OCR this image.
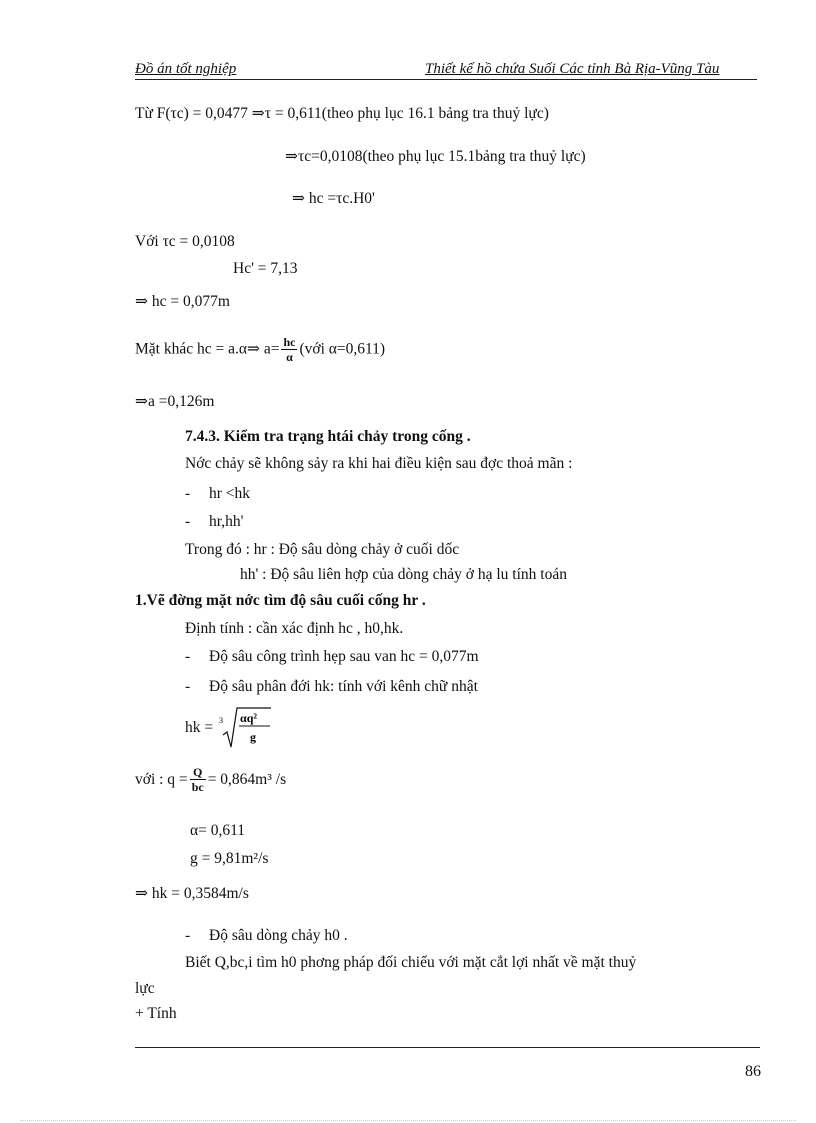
Đồ án tốt nghiệp	Thiết kế hồ chứa Suối Các tỉnh Bà Rịa-Vũng Tàu
Từ F(τc) = 0,0477 ⇒τ = 0,611(theo phụ lục 16.1 bảng tra thuỷ lực)
⇒τc=0,0108(theo phụ lục 15.1bảng tra thuỷ lực)
⇒ hc =τc.H0'
Với τc = 0,0108
Hc' = 7,13
⇒ hc = 0,077m
Mặt khác hc = a.α⇒ $a= \frac{hc}{\alpha}$ (với α=0,611)
⇒a =0,126m
7.4.3. Kiểm tra trạng htái chảy trong cống .
Nớc chảy sẽ không sảy ra khi hai điều kiện sau đợc thoả mãn :
- hr <hk
- hr,hh'
Trong đó : hr : Độ sâu dòng chảy ở cuối dốc
hh' : Độ sâu liên hợp của dòng chảy ở hạ lu tính toán
1.Vẽ đờng mặt nớc tìm độ sâu cuối cống hr .
Định tính : cần xác định hc , h0,hk.
- Độ sâu công trình hẹp sau van hc = 0,077m
- Độ sâu phân đới hk: tính với kênh chữ nhật
hk = 3 αq²
g
với : $q = \frac{Q}{bc} = 0,864m^3$ /s
α= 0,611
g = 9,81m²/s
⇒ hk = 0,3584m/s
- Độ sâu dòng chảy h0 .
Biết Q,bc,i tìm h0 phơng pháp đối chiếu với mặt cắt lợi nhất về mặt thuỷ
lực
+ Tính
86
